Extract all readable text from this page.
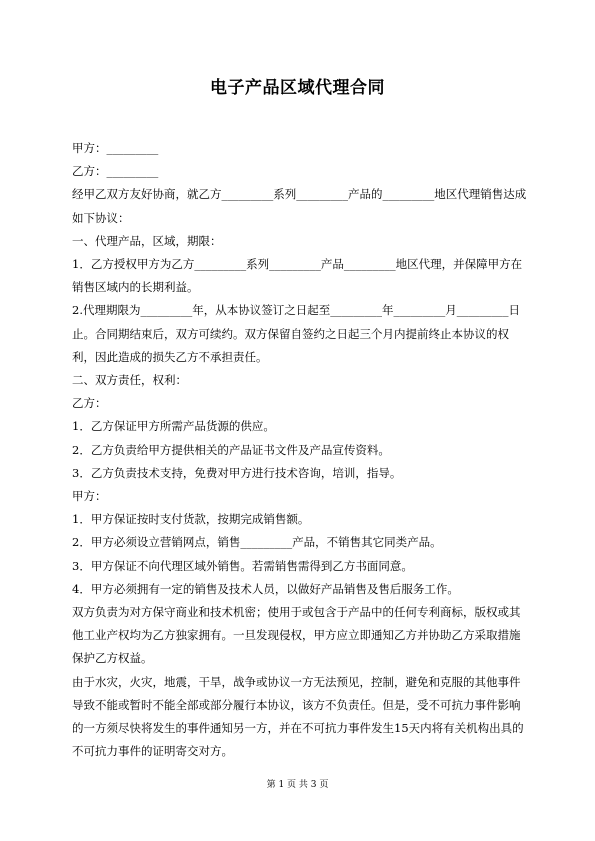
电子产品区域代理合同

甲方：_________

乙方：_________

经甲乙双方友好协商，就乙方_________系列_________产品的_________地区代理销售达成如下协议：

一、代理产品，区域，期限：

1．乙方授权甲方为乙方_________系列_________产品_________地区代理，并保障甲方在销售区域内的长期利益。

2.代理期限为_________年，从本协议签订之日起至_________年_________月_________日止。合同期结束后，双方可续约。双方保留自签约之日起三个月内提前终止本协议的权利，因此造成的损失乙方不承担责任。

二、双方责任，权利：

乙方：

1．乙方保证甲方所需产品货源的供应。

2．乙方负责给甲方提供相关的产品证书文件及产品宣传资料。

3．乙方负责技术支持，免费对甲方进行技术咨询，培训，指导。

甲方：

1．甲方保证按时支付货款，按期完成销售额。

2．甲方必须设立营销网点，销售_________产品，不销售其它同类产品。

3．甲方保证不向代理区域外销售。若需销售需得到乙方书面同意。

4．甲方必须拥有一定的销售及技术人员，以做好产品销售及售后服务工作。

双方负责为对方保守商业和技术机密；使用于或包含于产品中的任何专利商标，版权或其他工业产权均为乙方独家拥有。一旦发现侵权，甲方应立即通知乙方并协助乙方采取措施保护乙方权益。

由于水灾，火灾，地震，干旱，战争或协议一方无法预见，控制，避免和克服的其他事件导致不能或暂时不能全部或部分履行本协议，该方不负责任。但是，受不可抗力事件影响的一方须尽快将发生的事件通知另一方，并在不可抗力事件发生15天内将有关机构出具的不可抗力事件的证明寄交对方。

第 1 页 共 3 页
